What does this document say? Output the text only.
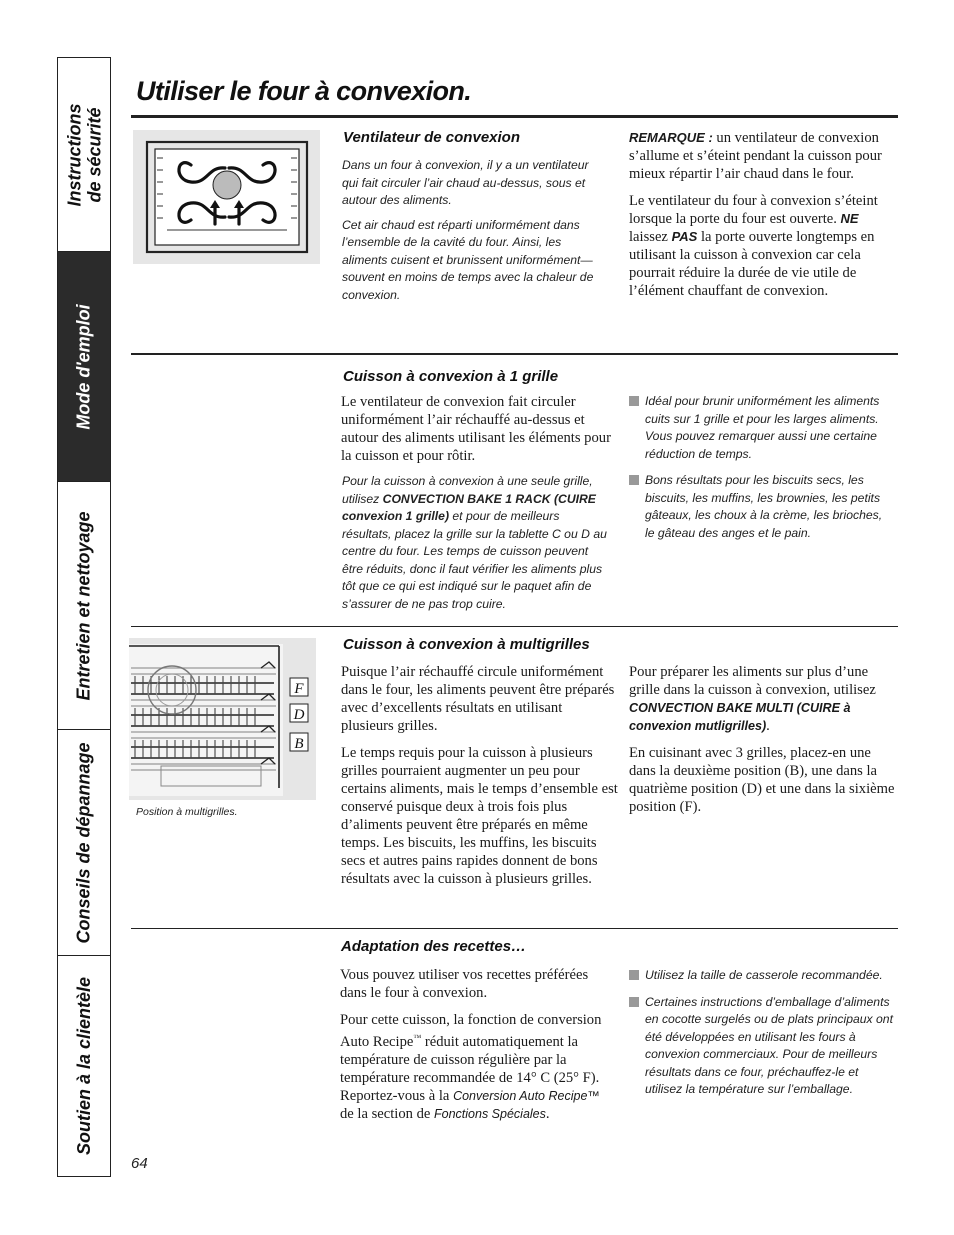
Instructions
de sécurité
Mode d'emploi
Entretien et nettoyage
Conseils de dépannage
Soutien à la clientèle
Utiliser le four à convexion.
Ventilateur de convexion

Dans un four à convexion, il y a un ventilateur qui fait circuler l’air chaud au-dessus, sous et autour des aliments.

Cet air chaud est réparti uniformément dans l’ensemble de la cavité du four. Ainsi, les aliments cuisent et brunissent uniformément—souvent en moins de temps avec la chaleur de convexion.

REMARQUE : un ventilateur de convexion s’allume et s’éteint pendant la cuisson pour mieux répartir l’air chaud dans le four.

Le ventilateur du four à convexion s’éteint lorsque la porte du four est ouverte. NE laissez PAS la porte ouverte longtemps en utilisant la cuisson à convexion car cela pourrait réduire la durée de vie utile de l’élément chauffant de convexion.

Cuisson à convexion à 1 grille

Le ventilateur de convexion fait circuler uniformément l’air réchauffé au-dessus et autour des aliments utilisant les éléments pour la cuisson et pour rôtir.

Pour la cuisson à convexion à une seule grille, utilisez CONVECTION BAKE 1 RACK (CUIRE convexion 1 grille) et pour de meilleurs résultats, placez la grille sur la tablette C ou D au centre du four. Les temps de cuisson peuvent être réduits, donc il faut vérifier les aliments plus tôt que ce qui est indiqué sur le paquet afin de s’assurer de ne pas trop cuire.

Idéal pour brunir uniformément les aliments cuits sur 1 grille et pour les larges aliments. Vous pouvez remarquer aussi une certaine réduction de temps.
Bons résultats pour les biscuits secs, les biscuits, les muffins, les brownies, les petits gâteaux, les choux à la crème, les brioches, le gâteau des anges et le pain.
F
D
B
Position à multigrilles.
Cuisson à convexion à multigrilles

Puisque l’air réchauffé circule uniformément dans le four, les aliments peuvent être préparés avec d’excellents résultats en utilisant plusieurs grilles.

Le temps requis pour la cuisson à plusieurs grilles pourraient augmenter un peu pour certains aliments, mais le temps d’ensemble est conservé puisque deux à trois fois plus d’aliments peuvent être préparés en même temps. Les biscuits, les muffins, les biscuits secs et autres pains rapides donnent de bons résultats avec la cuisson à plusieurs grilles.

Pour préparer les aliments sur plus d’une grille dans la cuisson à convexion, utilisez CONVECTION BAKE MULTI (CUIRE à convexion mutligrilles).

En cuisinant avec 3 grilles, placez-en une dans la deuxième position (B), une dans la quatrième position (D) et une dans la sixième position (F).

Adaptation des recettes…

Vous pouvez utiliser vos recettes préférées dans le four à convexion.

Pour cette cuisson, la fonction de conversion Auto Recipe™ réduit automatiquement la température de cuisson régulière par la température recommandée de 14° C (25° F). Reportez-vous à la Conversion Auto Recipe™ de la section de Fonctions Spéciales.

Utilisez la taille de casserole recommandée.
Certaines instructions d’emballage d’aliments en cocotte surgelés ou de plats principaux ont été développées en utilisant les fours à convexion commerciaux. Pour de meilleurs résultats dans ce four, préchauffez-le et utilisez la température sur l’emballage.
64
